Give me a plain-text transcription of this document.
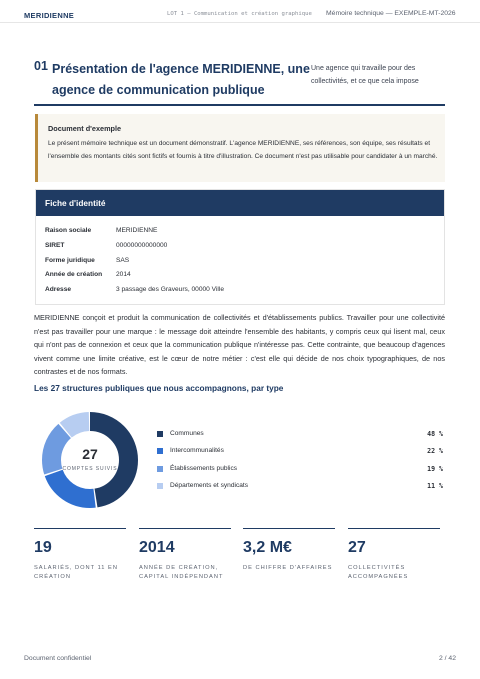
MERIDIENNE	LOT 1 — Communication et création graphique Mémoire technique — EXEMPLE-MT-2026
01 Présentation de l'agence MERIDIENNE, une agence de communication publique
Une agence qui travaille pour des collectivités, et ce que cela impose
Document d'exemple
Le présent mémoire technique est un document démonstratif. L'agence MERIDIENNE, ses références, son équipe, ses résultats et l'ensemble des montants cités sont fictifs et fournis à titre d'illustration. Ce document n'est pas utilisable pour candidater à un marché.
Fiche d'identité
Raison sociale	MERIDIENNE
SIRET	00000000000000
Forme juridique	SAS
Année de création	2014
Adresse	3 passage des Graveurs, 00000 Ville
MERIDIENNE conçoit et produit la communication de collectivités et d'établissements publics. Travailler pour une collectivité n'est pas travailler pour une marque : le message doit atteindre l'ensemble des habitants, y compris ceux qui lisent mal, ceux qui n'ont pas de connexion et ceux que la communication publique n'intéresse pas. Cette contrainte, que beaucoup d'agences vivent comme une limite créative, est le cœur de notre métier : c'est elle qui décide de nos choix typographiques, de nos contrastes et de nos formats.
Les 27 structures publiques que nous accompagnons, par type
27
COMPTES SUIVIS
Communes	48 %
Intercommunalités	22 %
Établissements publics	19 %
Départements et syndicats	11 %
19
SALARIÉS, DONT 11 EN CRÉATION
2014
ANNÉE DE CRÉATION, CAPITAL INDÉPENDANT
3,2 M€
DE CHIFFRE D'AFFAIRES
27
COLLECTIVITÉS ACCOMPAGNÉES
Document confidentiel	2 / 42
